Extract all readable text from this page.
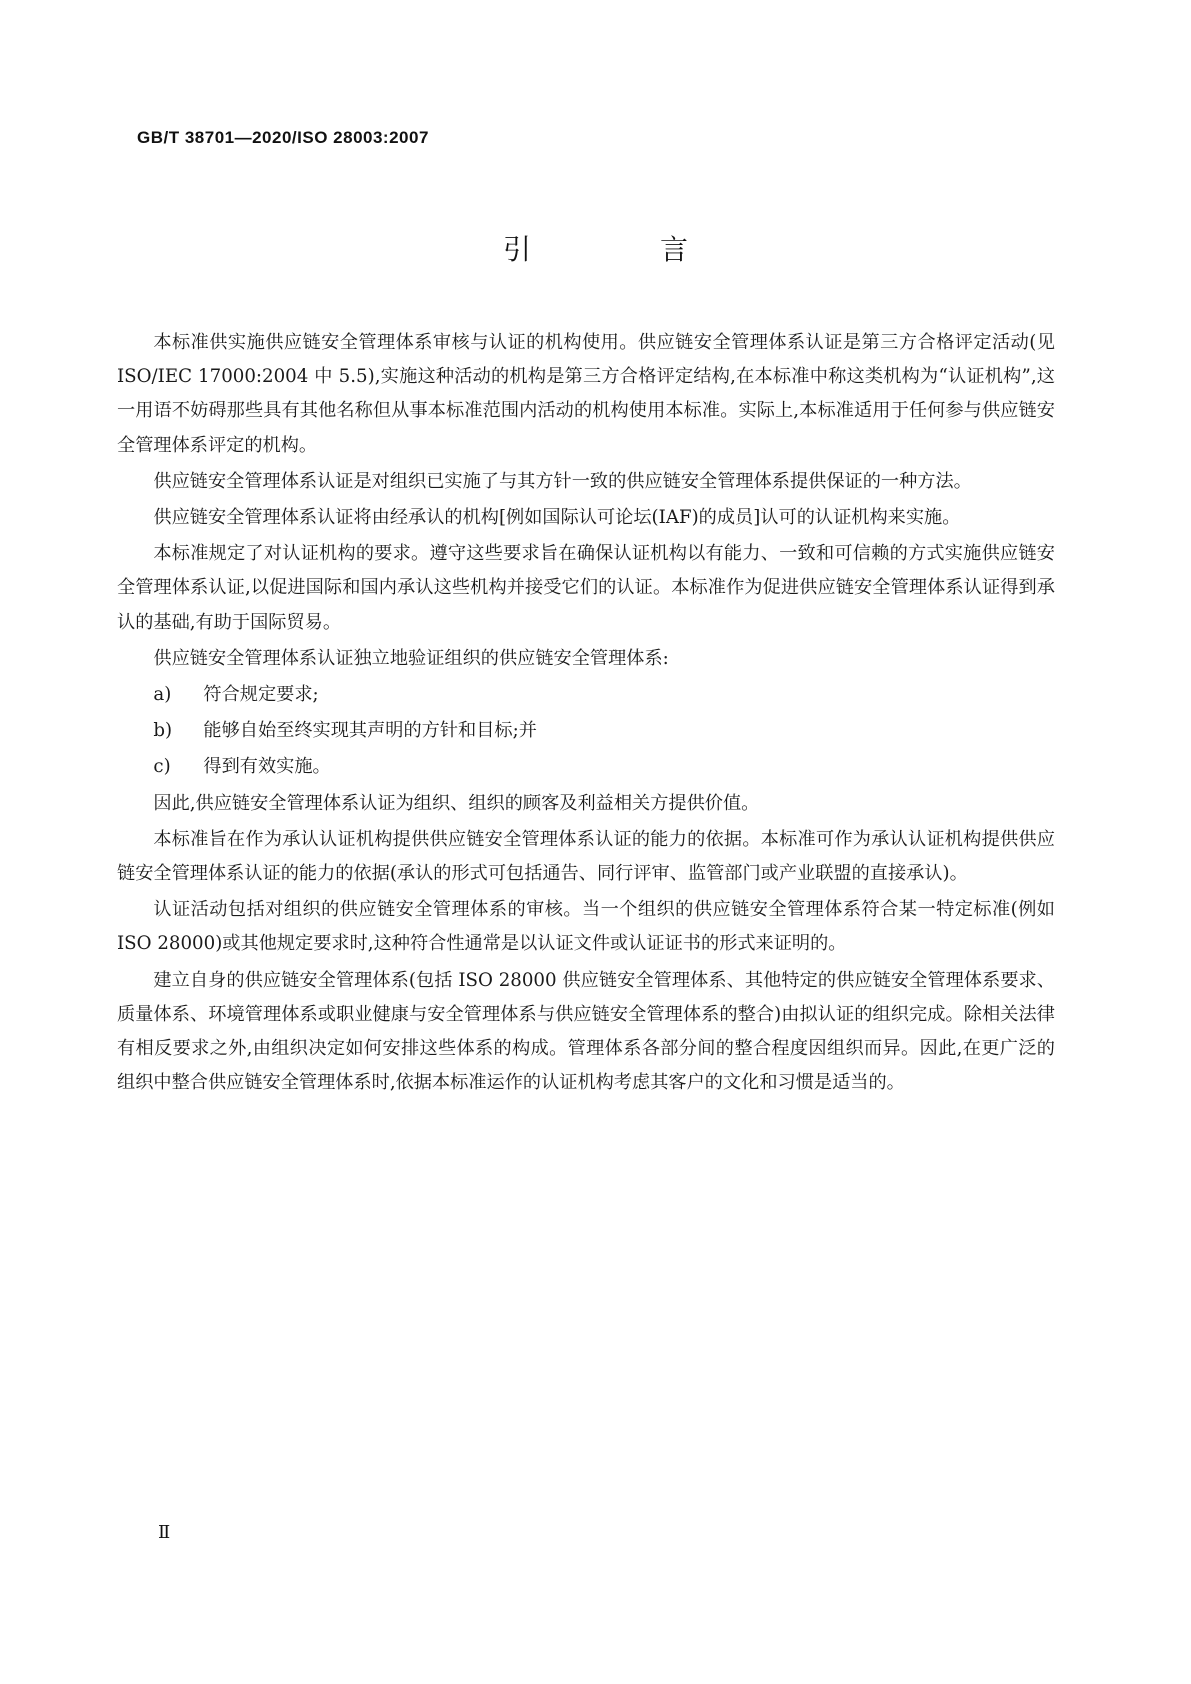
GB/T 38701—2020/ISO 28003:2007
引 言

本标准供实施供应链安全管理体系审核与认证的机构使用。供应链安全管理体系认证是第三方合格评定活动(见 ISO/IEC 17000:2004 中 5.5),实施这种活动的机构是第三方合格评定结构,在本标准中称这类机构为“认证机构”,这一用语不妨碍那些具有其他名称但从事本标准范围内活动的机构使用本标准。实际上,本标准适用于任何参与供应链安全管理体系评定的机构。

供应链安全管理体系认证是对组织已实施了与其方针一致的供应链安全管理体系提供保证的一种方法。

供应链安全管理体系认证将由经承认的机构[例如国际认可论坛(IAF)的成员]认可的认证机构来实施。

本标准规定了对认证机构的要求。遵守这些要求旨在确保认证机构以有能力、一致和可信赖的方式实施供应链安全管理体系认证,以促进国际和国内承认这些机构并接受它们的认证。本标准作为促进供应链安全管理体系认证得到承认的基础,有助于国际贸易。

供应链安全管理体系认证独立地验证组织的供应链安全管理体系:

a) 符合规定要求;
b) 能够自始至终实现其声明的方针和目标;并
c) 得到有效实施。

因此,供应链安全管理体系认证为组织、组织的顾客及利益相关方提供价值。

本标准旨在作为承认认证机构提供供应链安全管理体系认证的能力的依据。本标准可作为承认认证机构提供供应链安全管理体系认证的能力的依据(承认的形式可包括通告、同行评审、监管部门或产业联盟的直接承认)。

认证活动包括对组织的供应链安全管理体系的审核。当一个组织的供应链安全管理体系符合某一特定标准(例如 ISO 28000)或其他规定要求时,这种符合性通常是以认证文件或认证证书的形式来证明的。

建立自身的供应链安全管理体系(包括 ISO 28000 供应链安全管理体系、其他特定的供应链安全管理体系要求、质量体系、环境管理体系或职业健康与安全管理体系与供应链安全管理体系的整合)由拟认证的组织完成。除相关法律有相反要求之外,由组织决定如何安排这些体系的构成。管理体系各部分间的整合程度因组织而异。因此,在更广泛的组织中整合供应链安全管理体系时,依据本标准运作的认证机构考虑其客户的文化和习惯是适当的。

Ⅱ
